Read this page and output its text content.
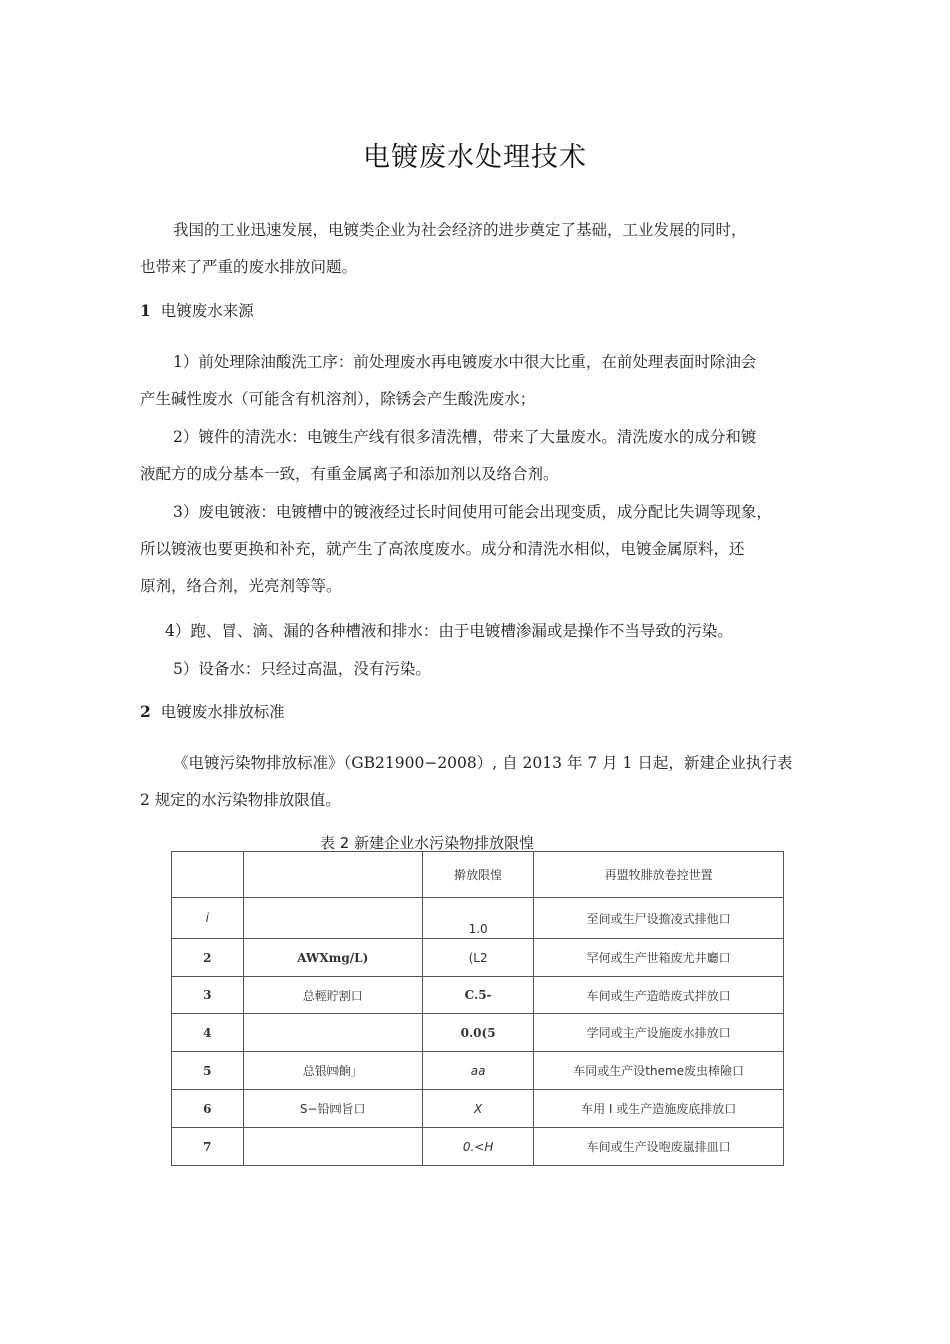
电镀废水处理技术
我国的工业迅速发展，电镀类企业为社会经济的进步奠定了基础，工业发展的同时，
也带来了严重的废水排放问题。
1 电镀废水来源
1）前处理除油酸洗工序：前处理废水再电镀废水中很大比重，在前处理表面时除油会
产生碱性废水（可能含有机溶剂），除锈会产生酸洗废水；
2）镀件的清洗水：电镀生产线有很多清洗槽，带来了大量废水。清洗废水的成分和镀
液配方的成分基本一致，有重金属离子和添加剂以及络合剂。
3）废电镀液：电镀槽中的镀液经过长时间使用可能会出现变质，成分配比失调等现象，
所以镀液也要更换和补充，就产生了高浓度废水。成分和清洗水相似，电镀金属原料，还
原剂，络合剂，光亮剂等等。
4）跑、冒、滴、漏的各种槽液和排水：由于电镀槽渗漏或是操作不当导致的污染。
5）设备水：只经过高温，没有污染。
2 电镀废水排放标准
《电镀污染物排放标准》（GB21900−2008）, 自 2013 年 7 月 1 日起，新建企业执行表
2 规定的水污染物排放限值。
表 2 新建企业水污染物排放限惶
		擀放限惶	再盟牧腓放卷控世置
i		1.0	至间或生尸设擔凌式排他口
2	AWXmg/L)	(L2	罕何或生产世箱废尤井廳口
3	总輕貯割口	C.5-	车间或生产造皓废式拌放口
4		0.0(5	学同或主产设施废水排放口
5	总银㈣餉」	aa	车同或生产设theme废虫棒險口
6	S−铅㈣旨口	X	车用 I 或生产造施废底排放口
7		0.<H	车间或生产设咆废嵐排皿口
